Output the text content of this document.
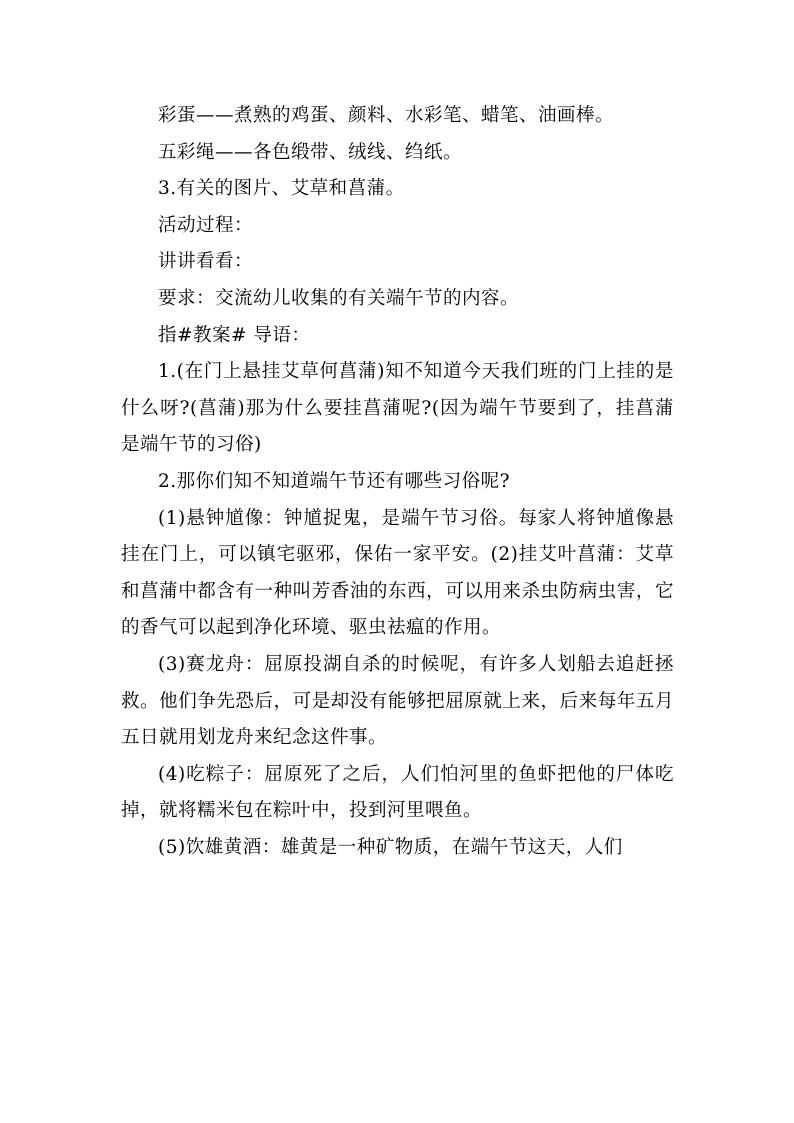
彩蛋——煮熟的鸡蛋、颜料、水彩笔、蜡笔、油画棒。

五彩绳——各色缎带、绒线、绉纸。

3.有关的图片、艾草和菖蒲。

活动过程：

讲讲看看：

要求：交流幼儿收集的有关端午节的内容。

指#教案# 导语：

1.(在门上悬挂艾草何菖蒲)知不知道今天我们班的门上挂的是什么呀?(菖蒲)那为什么要挂菖蒲呢?(因为端午节要到了，挂菖蒲是端午节的习俗)

2.那你们知不知道端午节还有哪些习俗呢?

(1)悬钟馗像：钟馗捉鬼，是端午节习俗。每家人将钟馗像悬挂在门上，可以镇宅驱邪，保佑一家平安。(2)挂艾叶菖蒲：艾草和菖蒲中都含有一种叫芳香油的东西，可以用来杀虫防病虫害，它的香气可以起到净化环境、驱虫祛瘟的作用。

(3)赛龙舟：屈原投湖自杀的时候呢，有许多人划船去追赶拯救。他们争先恐后，可是却没有能够把屈原就上来，后来每年五月五日就用划龙舟来纪念这件事。

(4)吃粽子：屈原死了之后，人们怕河里的鱼虾把他的尸体吃掉，就将糯米包在粽叶中，投到河里喂鱼。

(5)饮雄黄酒：雄黄是一种矿物质，在端午节这天，人们
